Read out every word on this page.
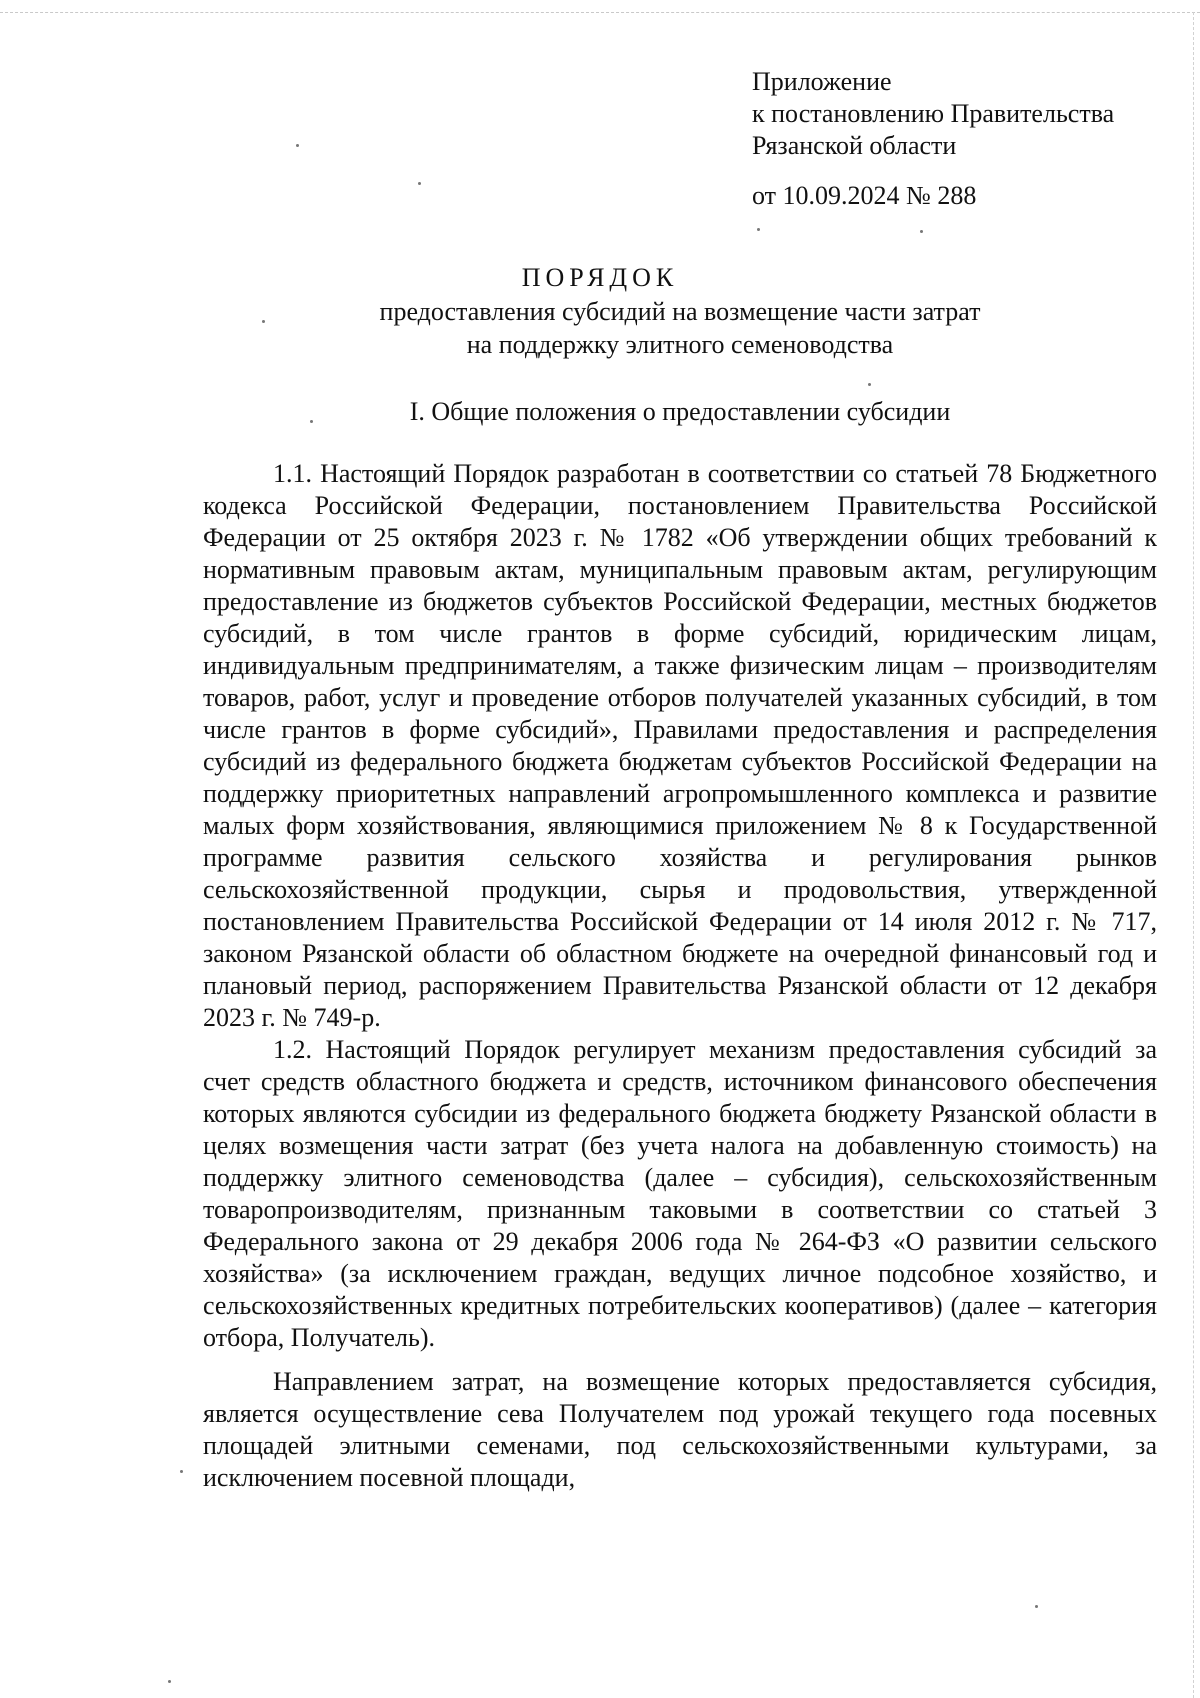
Приложение
к постановлению Правительства
Рязанской области
от 10.09.2024 № 288
ПОРЯДОК
предоставления субсидий на возмещение части затрат
на поддержку элитного семеноводства
I. Общие положения о предоставлении субсидии

1.1. Настоящий Порядок разработан в соответствии со статьей 78 Бюджетного кодекса Российской Федерации, постановлением Правительства Российской Федерации от 25 октября 2023 г. № 1782 «Об утверждении общих требований к нормативным правовым актам, муниципальным правовым актам, регулирующим предоставление из бюджетов субъектов Российской Федерации, местных бюджетов субсидий, в том числе грантов в форме субсидий, юридическим лицам, индивидуальным предпринимателям, а также физическим лицам – производителям товаров, работ, услуг и проведение отборов получателей указанных субсидий, в том числе грантов в форме субсидий», Правилами предоставления и распределения субсидий из федерального бюджета бюджетам субъектов Российской Федерации на поддержку приоритетных направлений агропромышленного комплекса и развитие малых форм хозяйствования, являющимися приложением № 8 к Государственной программе развития сельского хозяйства и регулирования рынков сельскохозяйственной продукции, сырья и продовольствия, утвержденной постановлением Правительства Российской Федерации от 14 июля 2012 г. № 717, законом Рязанской области об областном бюджете на очередной финансовый год и плановый период, распоряжением Правительства Рязанской области от 12 декабря 2023 г. № 749-р.

1.2. Настоящий Порядок регулирует механизм предоставления субсидий за счет средств областного бюджета и средств, источником финансового обеспечения которых являются субсидии из федерального бюджета бюджету Рязанской области в целях возмещения части затрат (без учета налога на добавленную стоимость) на поддержку элитного семеноводства (далее – субсидия), сельскохозяйственным товаропроизводителям, признанным таковыми в соответствии со статьей 3 Федерального закона от 29 декабря 2006 года № 264-ФЗ «О развитии сельского хозяйства» (за исключением граждан, ведущих личное подсобное хозяйство, и сельскохозяйственных кредитных потребительских кооперативов) (далее – категория отбора, Получатель).

Направлением затрат, на возмещение которых предоставляется субсидия, является осуществление сева Получателем под урожай текущего года посевных площадей элитными семенами, под сельскохозяйственными культурами, за исключением посевной площади,
